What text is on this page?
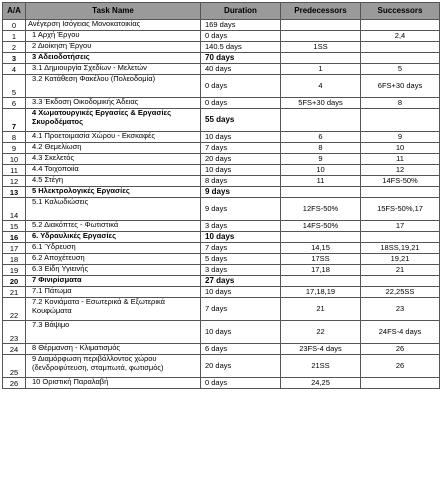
A/A	Task Name	Duration	Predecessors	Successors
0	Ανέγερση Ισόγειας Μονοκατοικίας	169 days		
1	1 Αρχή Έργου	0 days		2,4
2	2 Διοίκηση Έργου	140.5 days	1SS	
3	3 Αδειοδοτήσεις	70 days		
4	3.1 Δημιουργία Σχεδίων - Μελετών	40 days	1	5
5	3.2 Κατάθεση Φακέλου (Πολεοδομία)	0 days	4	6FS+30 days
6	3.3 Έκδοση Οικοδομικής Άδειας	0 days	5FS+30 days	8
7	4 Χωματουργικές Εργασίες & Εργασίες Σκυροδέματος	55 days		
8	4.1 Προετοιμασία Χώρου - Εκσκαφές	10 days	6	9
9	4.2 Θεμελίωση	7 days	8	10
10	4.3 Σκελετός	20 days	9	11
11	4.4 Τοιχοποιία	10 days	10	12
12	4.5 Στέγη	8 days	11	14FS-50%
13	5 Ηλεκτρολογικές Εργασίες	9 days		
14	5.1 Καλωδιώσεις	9 days	12FS-50%	15FS-50%,17
15	5.2 Διακόπτες - Φωτιστικά	3 days	14FS-50%	17
16	6. Υδραυλικές Εργασίες	10 days		
17	6.1 Ύδρευση	7 days	14,15	18SS,19,21
18	6.2 Αποχέτευση	5 days	17SS	19,21
19	6.3 Είδη Υγιεινής	3 days	17,18	21
20	7 Φινιρίσματα	27 days		
21	7.1 Πάτωμα	10 days	17,18,19	22,25SS
22	7.2 Κονιάματα - Εσωτερικά & Εξωτερικά Κουφώματα	7 days	21	23
23	7.3 Βάψιμο	10 days	22	24FS-4 days
24	8 Θέρμανση - Κλιματισμός	6 days	23FS-4 days	26
25	9 Διαμόρφωση περιβάλλοντος χώρου (δενδροφύτευση, σταμπωτά, φωτισμός)	20 days	21SS	26
26	10 Οριστική Παραλαβή	0 days	24,25	
